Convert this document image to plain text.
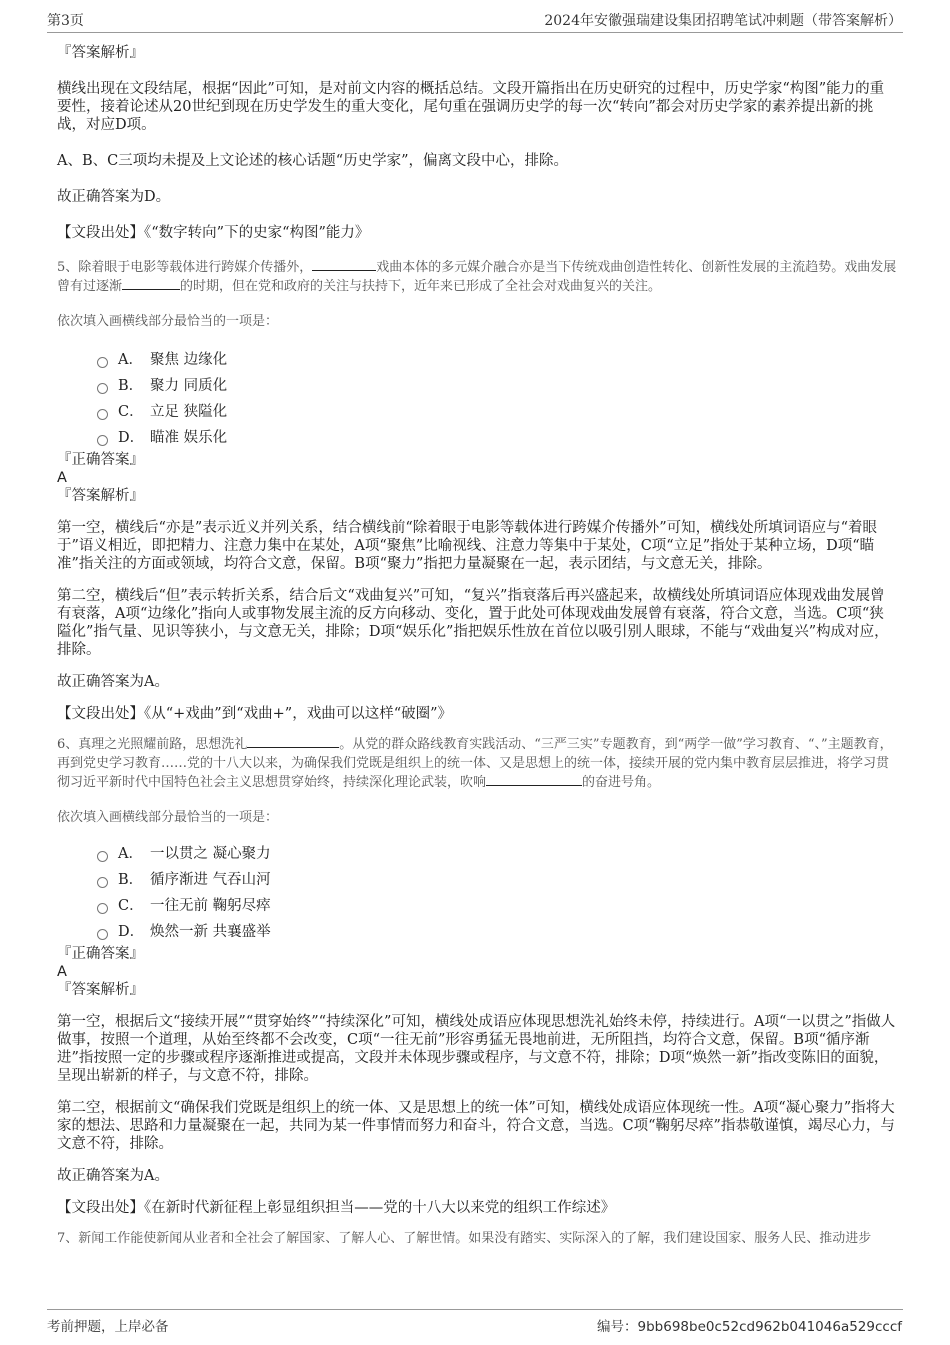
第3页	2024年安徽强瑞建设集团招聘笔试冲刺题（带答案解析）

『答案解析』

横线出现在文段结尾，根据“因此”可知，是对前文内容的概括总结。文段开篇指出在历史研究的过程中，历史学家“构图”能力的重要性，接着论述从20世纪到现在历史学发生的重大变化，尾句重在强调历史学的每一次“转向”都会对历史学家的素养提出新的挑战，对应D项。

A、B、C三项均未提及上文论述的核心话题“历史学家”，偏离文段中心，排除。

故正确答案为D。

【文段出处】《“数字转向”下的史家“构图”能力》

5、除着眼于电影等载体进行跨媒介传播外，	戏曲本体的多元媒介融合亦是当下传统戏曲创造性转化、创新性发展的主流趋势。戏曲发展曾有过逐渐	的时期，但在党和政府的关注与扶持下，近年来已形成了全社会对戏曲复兴的关注。

依次填入画横线部分最恰当的一项是：

A． 聚焦 边缘化
B． 聚力 同质化
C． 立足 狭隘化
D． 瞄准 娱乐化

『正确答案』

A

『答案解析』

第一空，横线后“亦是”表示近义并列关系，结合横线前“除着眼于电影等载体进行跨媒介传播外”可知，横线处所填词语应与“着眼于”语义相近，即把精力、注意力集中在某处，A项“聚焦”比喻视线、注意力等集中于某处，C项“立足”指处于某种立场，D项“瞄准”指关注的方面或领域，均符合文意，保留。B项“聚力”指把力量凝聚在一起，表示团结，与文意无关，排除。

第二空，横线后“但”表示转折关系，结合后文“戏曲复兴”可知，“复兴”指衰落后再兴盛起来，故横线处所填词语应体现戏曲发展曾有衰落，A项“边缘化”指向人或事物发展主流的反方向移动、变化，置于此处可体现戏曲发展曾有衰落，符合文意，当选。C项“狭隘化”指气量、见识等狭小，与文意无关，排除；D项“娱乐化”指把娱乐性放在首位以吸引别人眼球，不能与“戏曲复兴”构成对应，排除。

故正确答案为A。

【文段出处】《从“+戏曲”到“戏曲+”，戏曲可以这样“破圈”》

6、真理之光照耀前路，思想洗礼	。从党的群众路线教育实践活动、“三严三实”专题教育，到“两学一做”学习教育、“、”主题教育，再到党史学习教育……党的十八大以来，为确保我们党既是组织上的统一体、又是思想上的统一体，接续开展的党内集中教育层层推进，将学习贯彻习近平新时代中国特色社会主义思想贯穿始终，持续深化理论武装，吹响	的奋进号角。

依次填入画横线部分最恰当的一项是：

A． 一以贯之 凝心聚力
B． 循序渐进 气吞山河
C． 一往无前 鞠躬尽瘁
D． 焕然一新 共襄盛举

『正确答案』

A

『答案解析』

第一空，根据后文“接续开展”“贯穿始终”“持续深化”可知，横线处成语应体现思想洗礼始终未停，持续进行。A项“一以贯之”指做人做事，按照一个道理，从始至终都不会改变，C项“一往无前”形容勇猛无畏地前进，无所阻挡，均符合文意，保留。B项“循序渐进”指按照一定的步骤或程序逐渐推进或提高，文段并未体现步骤或程序，与文意不符，排除；D项“焕然一新”指改变陈旧的面貌，呈现出崭新的样子，与文意不符，排除。

第二空，根据前文“确保我们党既是组织上的统一体、又是思想上的统一体”可知，横线处成语应体现统一性。A项“凝心聚力”指将大家的想法、思路和力量凝聚在一起，共同为某一件事情而努力和奋斗，符合文意，当选。C项“鞠躬尽瘁”指恭敬谨慎，竭尽心力，与文意不符，排除。

故正确答案为A。

【文段出处】《在新时代新征程上彰显组织担当——党的十八大以来党的组织工作综述》

7、新闻工作能使新闻从业者和全社会了解国家、了解人心、了解世情。如果没有踏实、实际深入的了解，我们建设国家、服务人民、推动进步

考前押题，上岸必备	编号：9bb698be0c52cd962b041046a529cccf
